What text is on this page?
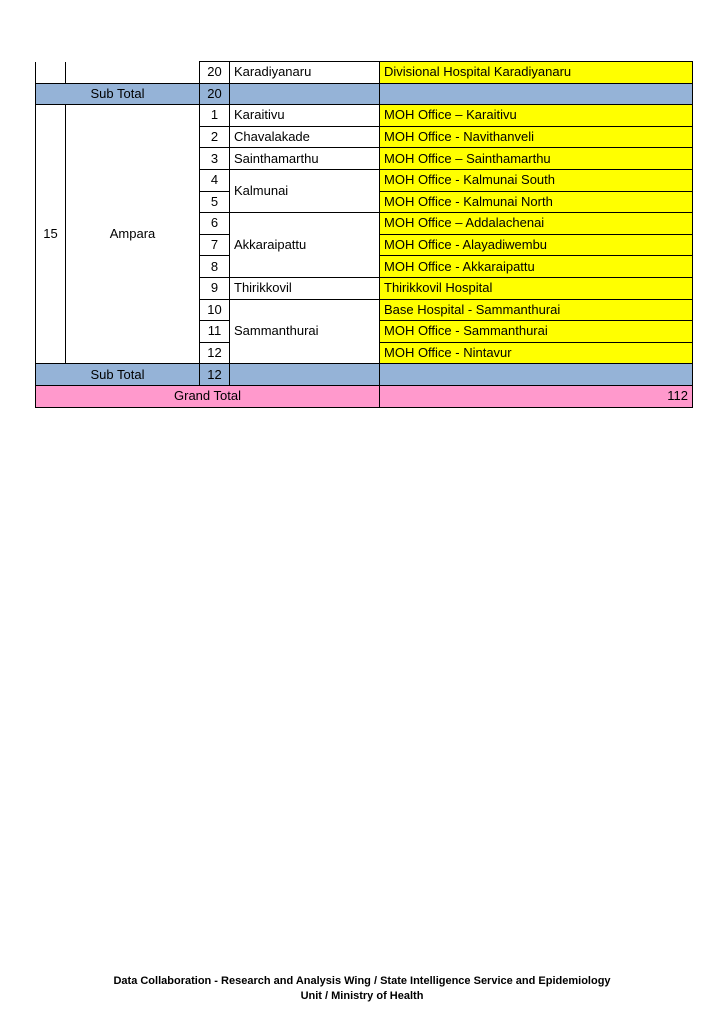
		20	Karadiyanaru	Divisional Hospital Karadiyanaru
Sub Total		20		
15	Ampara	1	Karaitivu	MOH Office – Karaitivu
		2	Chavalakade	MOH Office - Navithanveli
		3	Sainthamarthu	MOH Office – Sainthamarthu
		4	Kalmunai	MOH Office - Kalmunai South
		5		MOH Office - Kalmunai North
		6	Akkaraipattu	MOH Office – Addalachenai
		7		MOH Office - Alayadiwembu
		8		MOH Office - Akkaraipattu
		9	Thirikkovil	Thirikkovil Hospital
		10	Sammanthurai	Base Hospital - Sammanthurai
		11		MOH Office - Sammanthurai
		12		MOH Office - Nintavur
Sub Total		12		
Grand Total				112
Data Collaboration - Research and Analysis Wing / State Intelligence Service and Epidemiology
Unit / Ministry of Health
